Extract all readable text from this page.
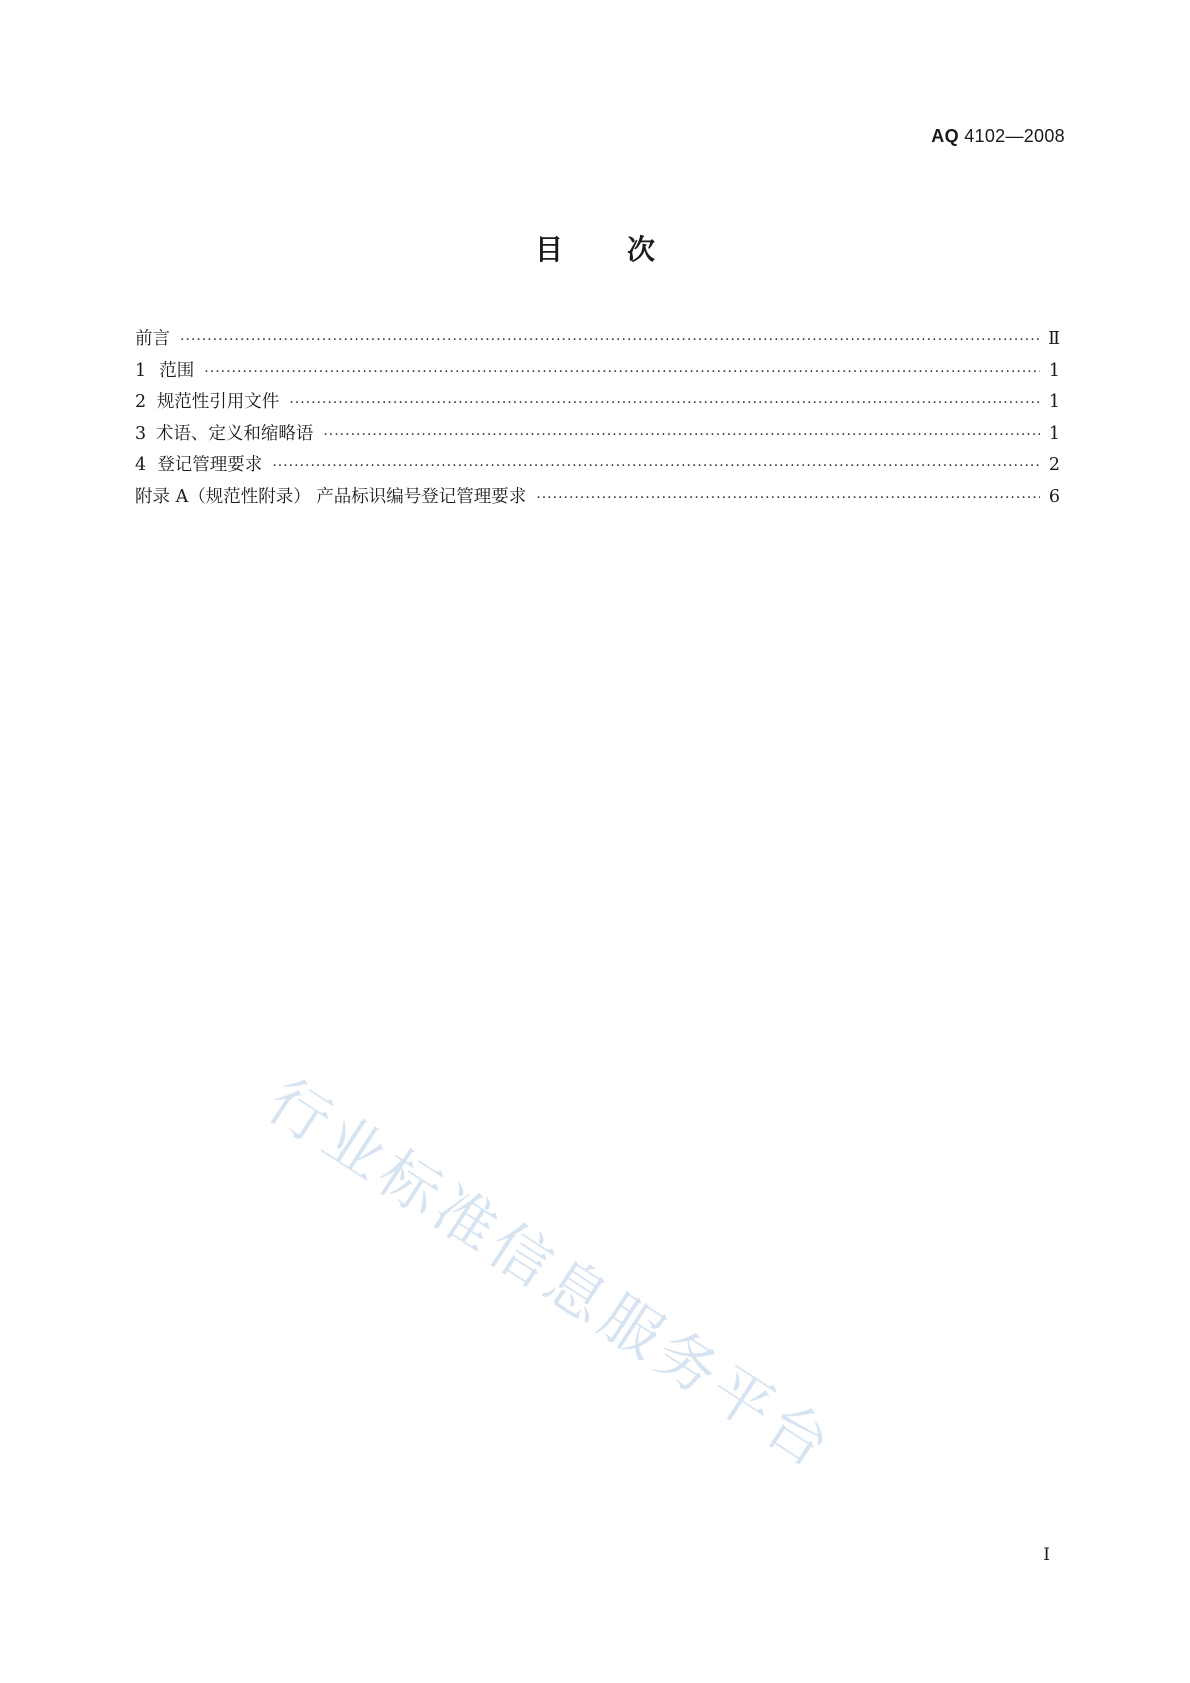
AQ 4102—2008
目次
前言 ·····	Ⅱ
1 范围 ·····	1
2 规范性引用文件 ·····	1
3 术语、定义和缩略语 ·····	1
4 登记管理要求 ·····	2
附录 A（规范性附录） 产品标识编号登记管理要求 ·····	6
行业标准信息服务平台
I
